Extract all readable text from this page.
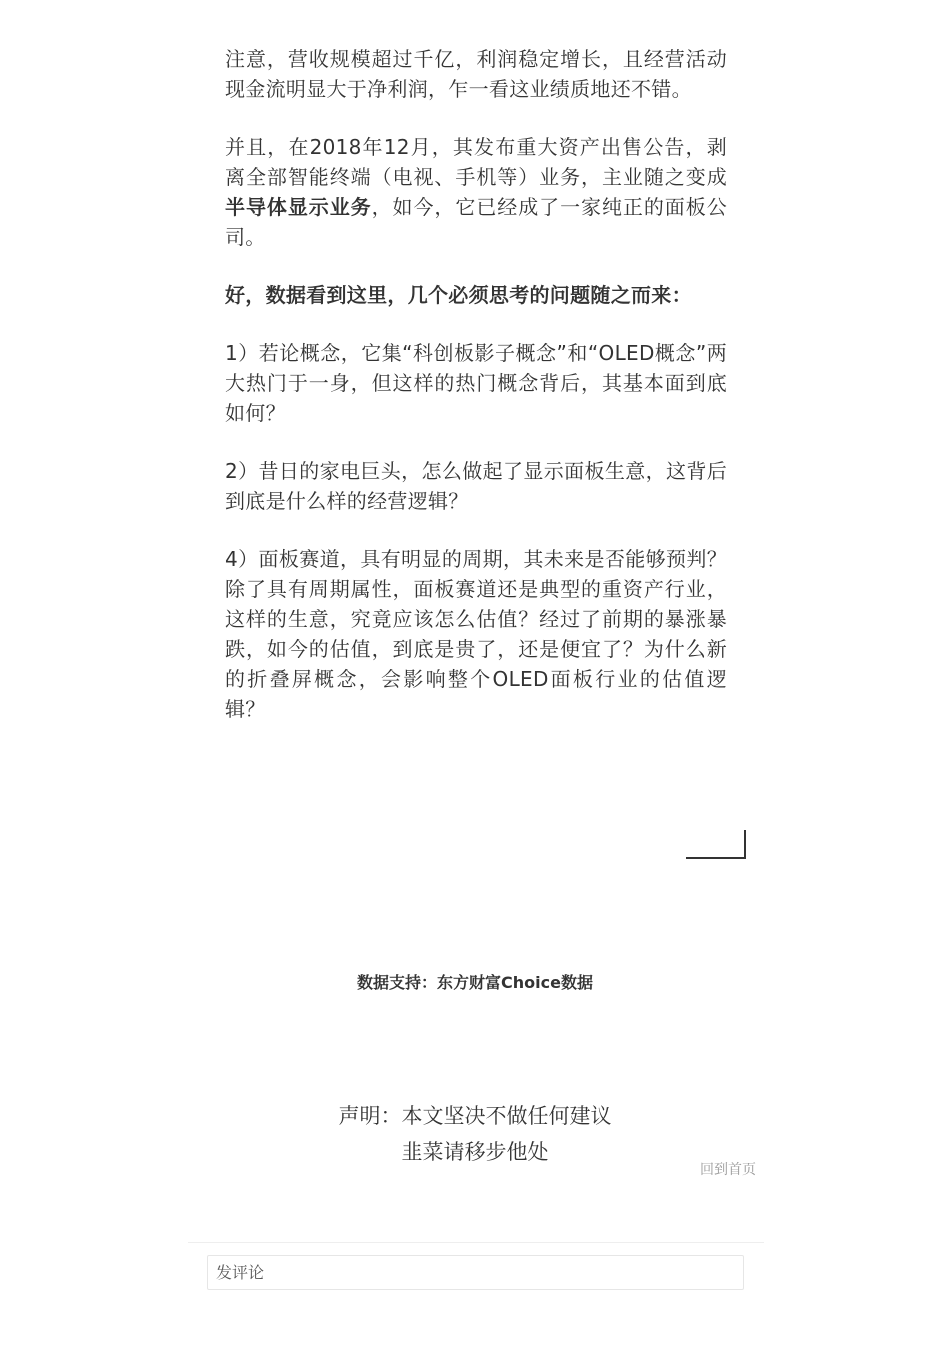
注意，营收规模超过千亿，利润稳定增长，且经营活动现金流明显大于净利润，乍一看这业绩质地还不错。

并且，在2018年12月，其发布重大资产出售公告，剥离全部智能终端（电视、手机等）业务，主业随之变成半导体显示业务，如今，它已经成了一家纯正的面板公司。

好，数据看到这里，几个必须思考的问题随之而来：

1）若论概念，它集“科创板影子概念”和“OLED概念”两大热门于一身，但这样的热门概念背后，其基本面到底如何？

2）昔日的家电巨头，怎么做起了显示面板生意，这背后到底是什么样的经营逻辑？

4）面板赛道，具有明显的周期，其未来是否能够预判？除了具有周期属性，面板赛道还是典型的重资产行业，这样的生意，究竟应该怎么估值？经过了前期的暴涨暴跌，如今的估值，到底是贵了，还是便宜了？为什么新的折叠屏概念，会影响整个OLED面板行业的估值逻辑？

数据支持：东方财富Choice数据
声明：本文坚决不做任何建议
韭菜请移步他处
回到首页
发评论
